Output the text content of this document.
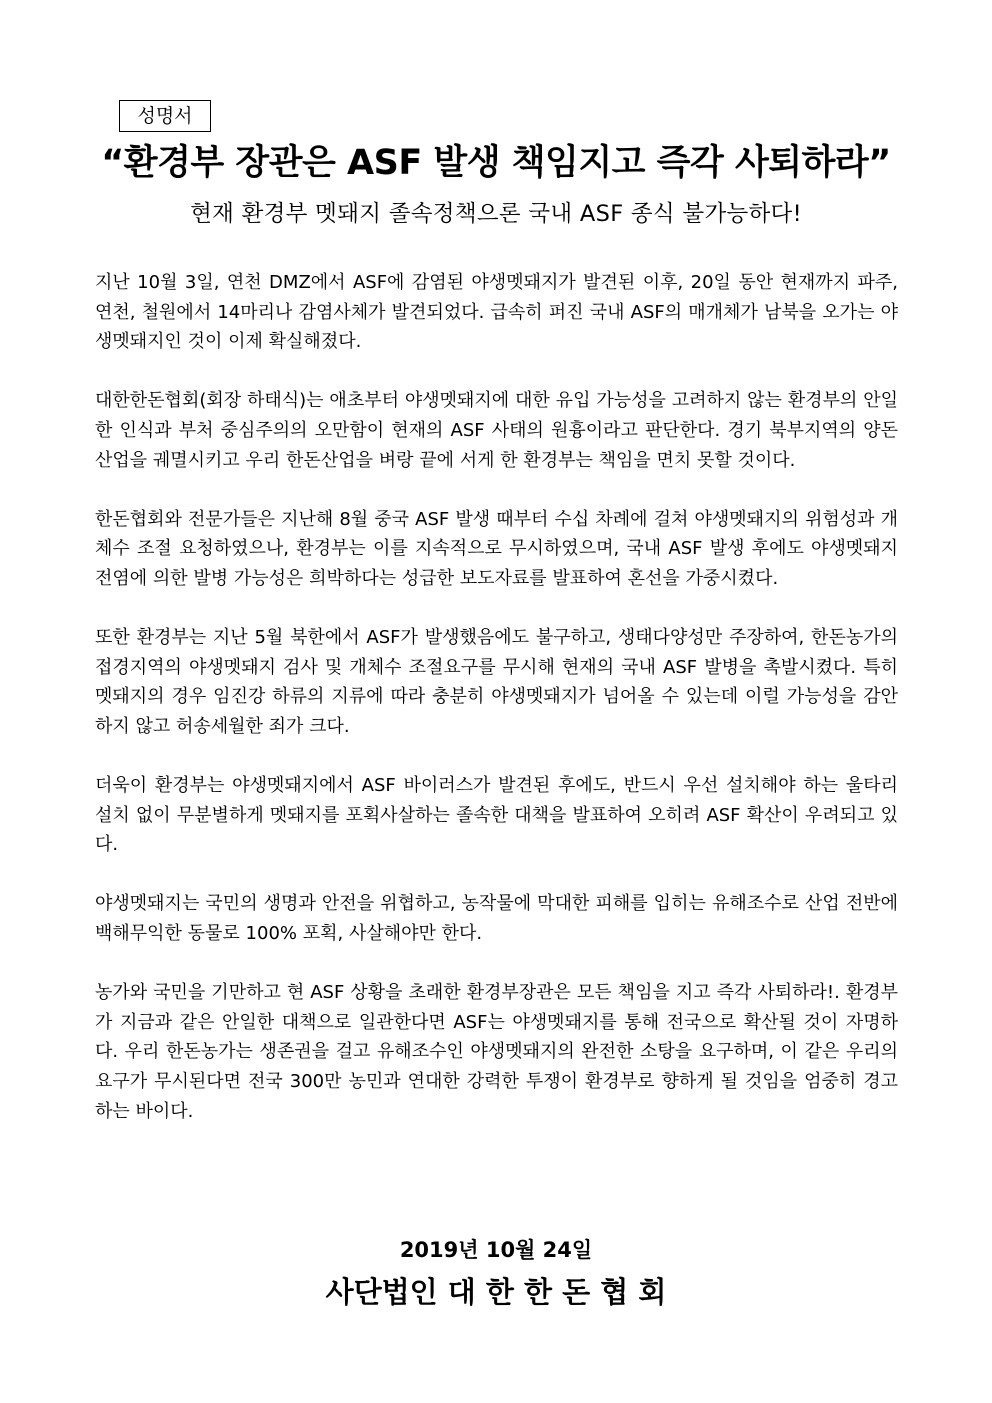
성명서
“환경부 장관은 ASF 발생 책임지고 즉각 사퇴하라”
현재 환경부 멧돼지 졸속정책으론 국내 ASF 종식 불가능하다!

지난 10월 3일, 연천 DMZ에서 ASF에 감염된 야생멧돼지가 발견된 이후, 20일 동안 현재까지 파주, 연천, 철원에서 14마리나 감염사체가 발견되었다. 급속히 퍼진 국내 ASF의 매개체가 남북을 오가는 야생멧돼지인 것이 이제 확실해졌다.

대한한돈협회(회장 하태식)는 애초부터 야생멧돼지에 대한 유입 가능성을 고려하지 않는 환경부의 안일한 인식과 부처 중심주의의 오만함이 현재의 ASF 사태의 원흉이라고 판단한다. 경기 북부지역의 양돈산업을 궤멸시키고 우리 한돈산업을 벼랑 끝에 서게 한 환경부는 책임을 면치 못할 것이다.

한돈협회와 전문가들은 지난해 8월 중국 ASF 발생 때부터 수십 차례에 걸쳐 야생멧돼지의 위험성과 개체수 조절 요청하였으나, 환경부는 이를 지속적으로 무시하였으며, 국내 ASF 발생 후에도 야생멧돼지 전염에 의한 발병 가능성은 희박하다는 성급한 보도자료를 발표하여 혼선을 가중시켰다.

또한 환경부는 지난 5월 북한에서 ASF가 발생했음에도 불구하고, 생태다양성만 주장하여, 한돈농가의 접경지역의 야생멧돼지 검사 및 개체수 조절요구를 무시해 현재의 국내 ASF 발병을 촉발시켰다. 특히 멧돼지의 경우 임진강 하류의 지류에 따라 충분히 야생멧돼지가 넘어올 수 있는데 이럴 가능성을 감안하지 않고 허송세월한 죄가 크다.

더욱이 환경부는 야생멧돼지에서 ASF 바이러스가 발견된 후에도, 반드시 우선 설치해야 하는 울타리 설치 없이 무분별하게 멧돼지를 포획사살하는 졸속한 대책을 발표하여 오히려 ASF 확산이 우려되고 있다.

야생멧돼지는 국민의 생명과 안전을 위협하고, 농작물에 막대한 피해를 입히는 유해조수로 산업 전반에 백해무익한 동물로 100% 포획, 사살해야만 한다.

농가와 국민을 기만하고 현 ASF 상황을 초래한 환경부장관은 모든 책임을 지고 즉각 사퇴하라!. 환경부가 지금과 같은 안일한 대책으로 일관한다면 ASF는 야생멧돼지를 통해 전국으로 확산될 것이 자명하다. 우리 한돈농가는 생존권을 걸고 유해조수인 야생멧돼지의 완전한 소탕을 요구하며, 이 같은 우리의 요구가 무시된다면 전국 300만 농민과 연대한 강력한 투쟁이 환경부로 향하게 될 것임을 엄중히 경고하는 바이다.

2019년 10월 24일
사단법인 대 한 한 돈 협 회
